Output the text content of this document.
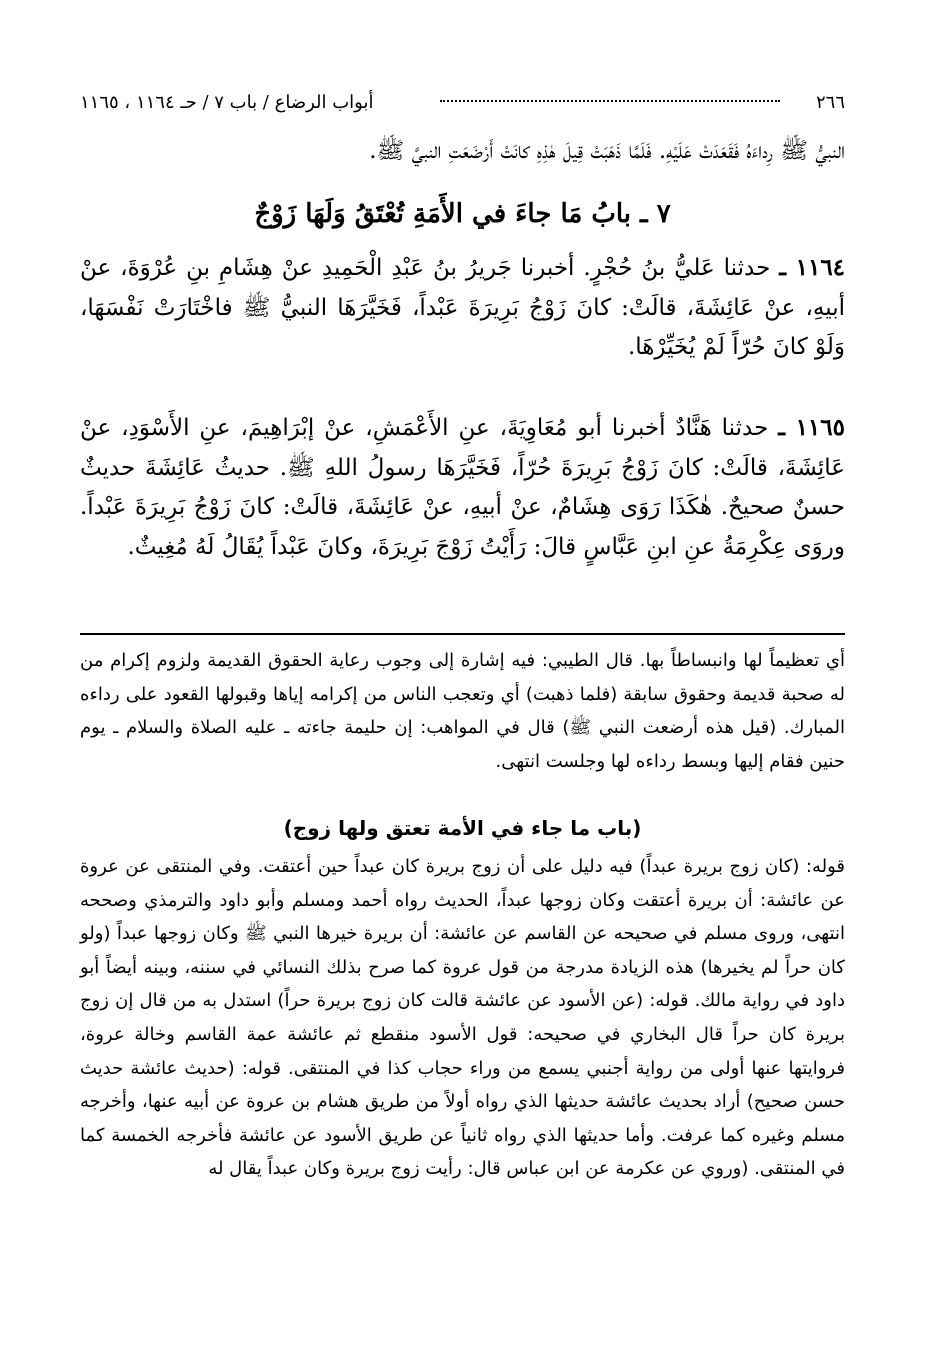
٢٦٦
أبواب الرضاع / باب ٧ / حـ ١١٦٤ ، ١١٦٥

النبيُّ ﷺ رِداءَهُ فَقَعَدَتْ عَلَيْهِ. فَلَمَّا ذَهَبَتْ قِيلَ هٰذِهِ كانَتْ أَرْضَعَتِ النبيَّ ﷺ.

٧ ـ بابُ مَا جاءَ في الأَمَةِ تُعْتَقُ وَلَهَا زَوْجٌ

١١٦٤ ـ حدثنا عَليُّ بنُ حُجْرٍ. أخبرنا جَريرُ بنُ عَبْدِ الْحَمِيدِ عنْ هِشَامِ بنِ عُرْوَةَ، عنْ أبيهِ، عنْ عَائِشَةَ، قالَتْ: كانَ زَوْجُ بَرِيرَةَ عَبْداً، فَخَيَّرَهَا النبيُّ ﷺ فاخْتَارَتْ نَفْسَهَا، وَلَوْ كانَ حُرّاً لَمْ يُخَيِّرْهَا.

١١٦٥ ـ حدثنا هَنَّادٌ أخبرنا أبو مُعَاوِيَةَ، عنِ الأَعْمَشِ، عنْ إبْرَاهِيمَ، عنِ الأَسْوَدِ، عنْ عَائِشَةَ، قالَتْ: كانَ زَوْجُ بَرِيرَةَ حُرّاً، فَخَيَّرَهَا رسولُ اللهِ ﷺ. حديثُ عَائِشَةَ حديثٌ حسنٌ صحيحٌ. هٰكَذَا رَوَى هِشَامٌ، عنْ أبيهِ، عنْ عَائِشَةَ، قالَتْ: كانَ زَوْجُ بَرِيرَةَ عَبْداً. وروَى عِكْرِمَةُ عنِ ابنِ عَبَّاسٍ قالَ: رَأَيْتُ زَوْجَ بَرِيرَةَ، وكانَ عَبْداً يُقَالُ لَهُ مُغِيثٌ.

أي تعظيماً لها وانبساطاً بها. قال الطيبي: فيه إشارة إلى وجوب رعاية الحقوق القديمة ولزوم إكرام من له صحبة قديمة وحقوق سابقة (فلما ذهبت) أي وتعجب الناس من إكرامه إياها وقبولها القعود على رداءه المبارك. (قيل هذه أرضعت النبي ﷺ) قال في المواهب: إن حليمة جاءته ـ عليه الصلاة والسلام ـ يوم حنين فقام إليها وبسط رداءه لها وجلست انتهى.

(باب ما جاء في الأمة تعتق ولها زوج)

قوله: (كان زوج بريرة عبداً) فيه دليل على أن زوج بريرة كان عبداً حين أعتقت. وفي المنتقى عن عروة عن عائشة: أن بريرة أعتقت وكان زوجها عبداً، الحديث رواه أحمد ومسلم وأبو داود والترمذي وصححه انتهى، وروى مسلم في صحيحه عن القاسم عن عائشة: أن بريرة خيرها النبي ﷺ وكان زوجها عبداً (ولو كان حراً لم يخيرها) هذه الزيادة مدرجة من قول عروة كما صرح بذلك النسائي في سننه، وبينه أيضاً أبو داود في رواية مالك. قوله: (عن الأسود عن عائشة قالت كان زوج بريرة حراً) استدل به من قال إن زوج بريرة كان حراً قال البخاري في صحيحه: قول الأسود منقطع ثم عائشة عمة القاسم وخالة عروة، فروايتها عنها أولى من رواية أجنبي يسمع من وراء حجاب كذا في المنتقى. قوله: (حديث عائشة حديث حسن صحيح) أراد بحديث عائشة حديثها الذي رواه أولاً من طريق هشام بن عروة عن أبيه عنها، وأخرجه مسلم وغيره كما عرفت. وأما حديثها الذي رواه ثانياً عن طريق الأسود عن عائشة فأخرجه الخمسة كما في المنتقى. (وروي عن عكرمة عن ابن عباس قال: رأيت زوج بريرة وكان عبداً يقال له
